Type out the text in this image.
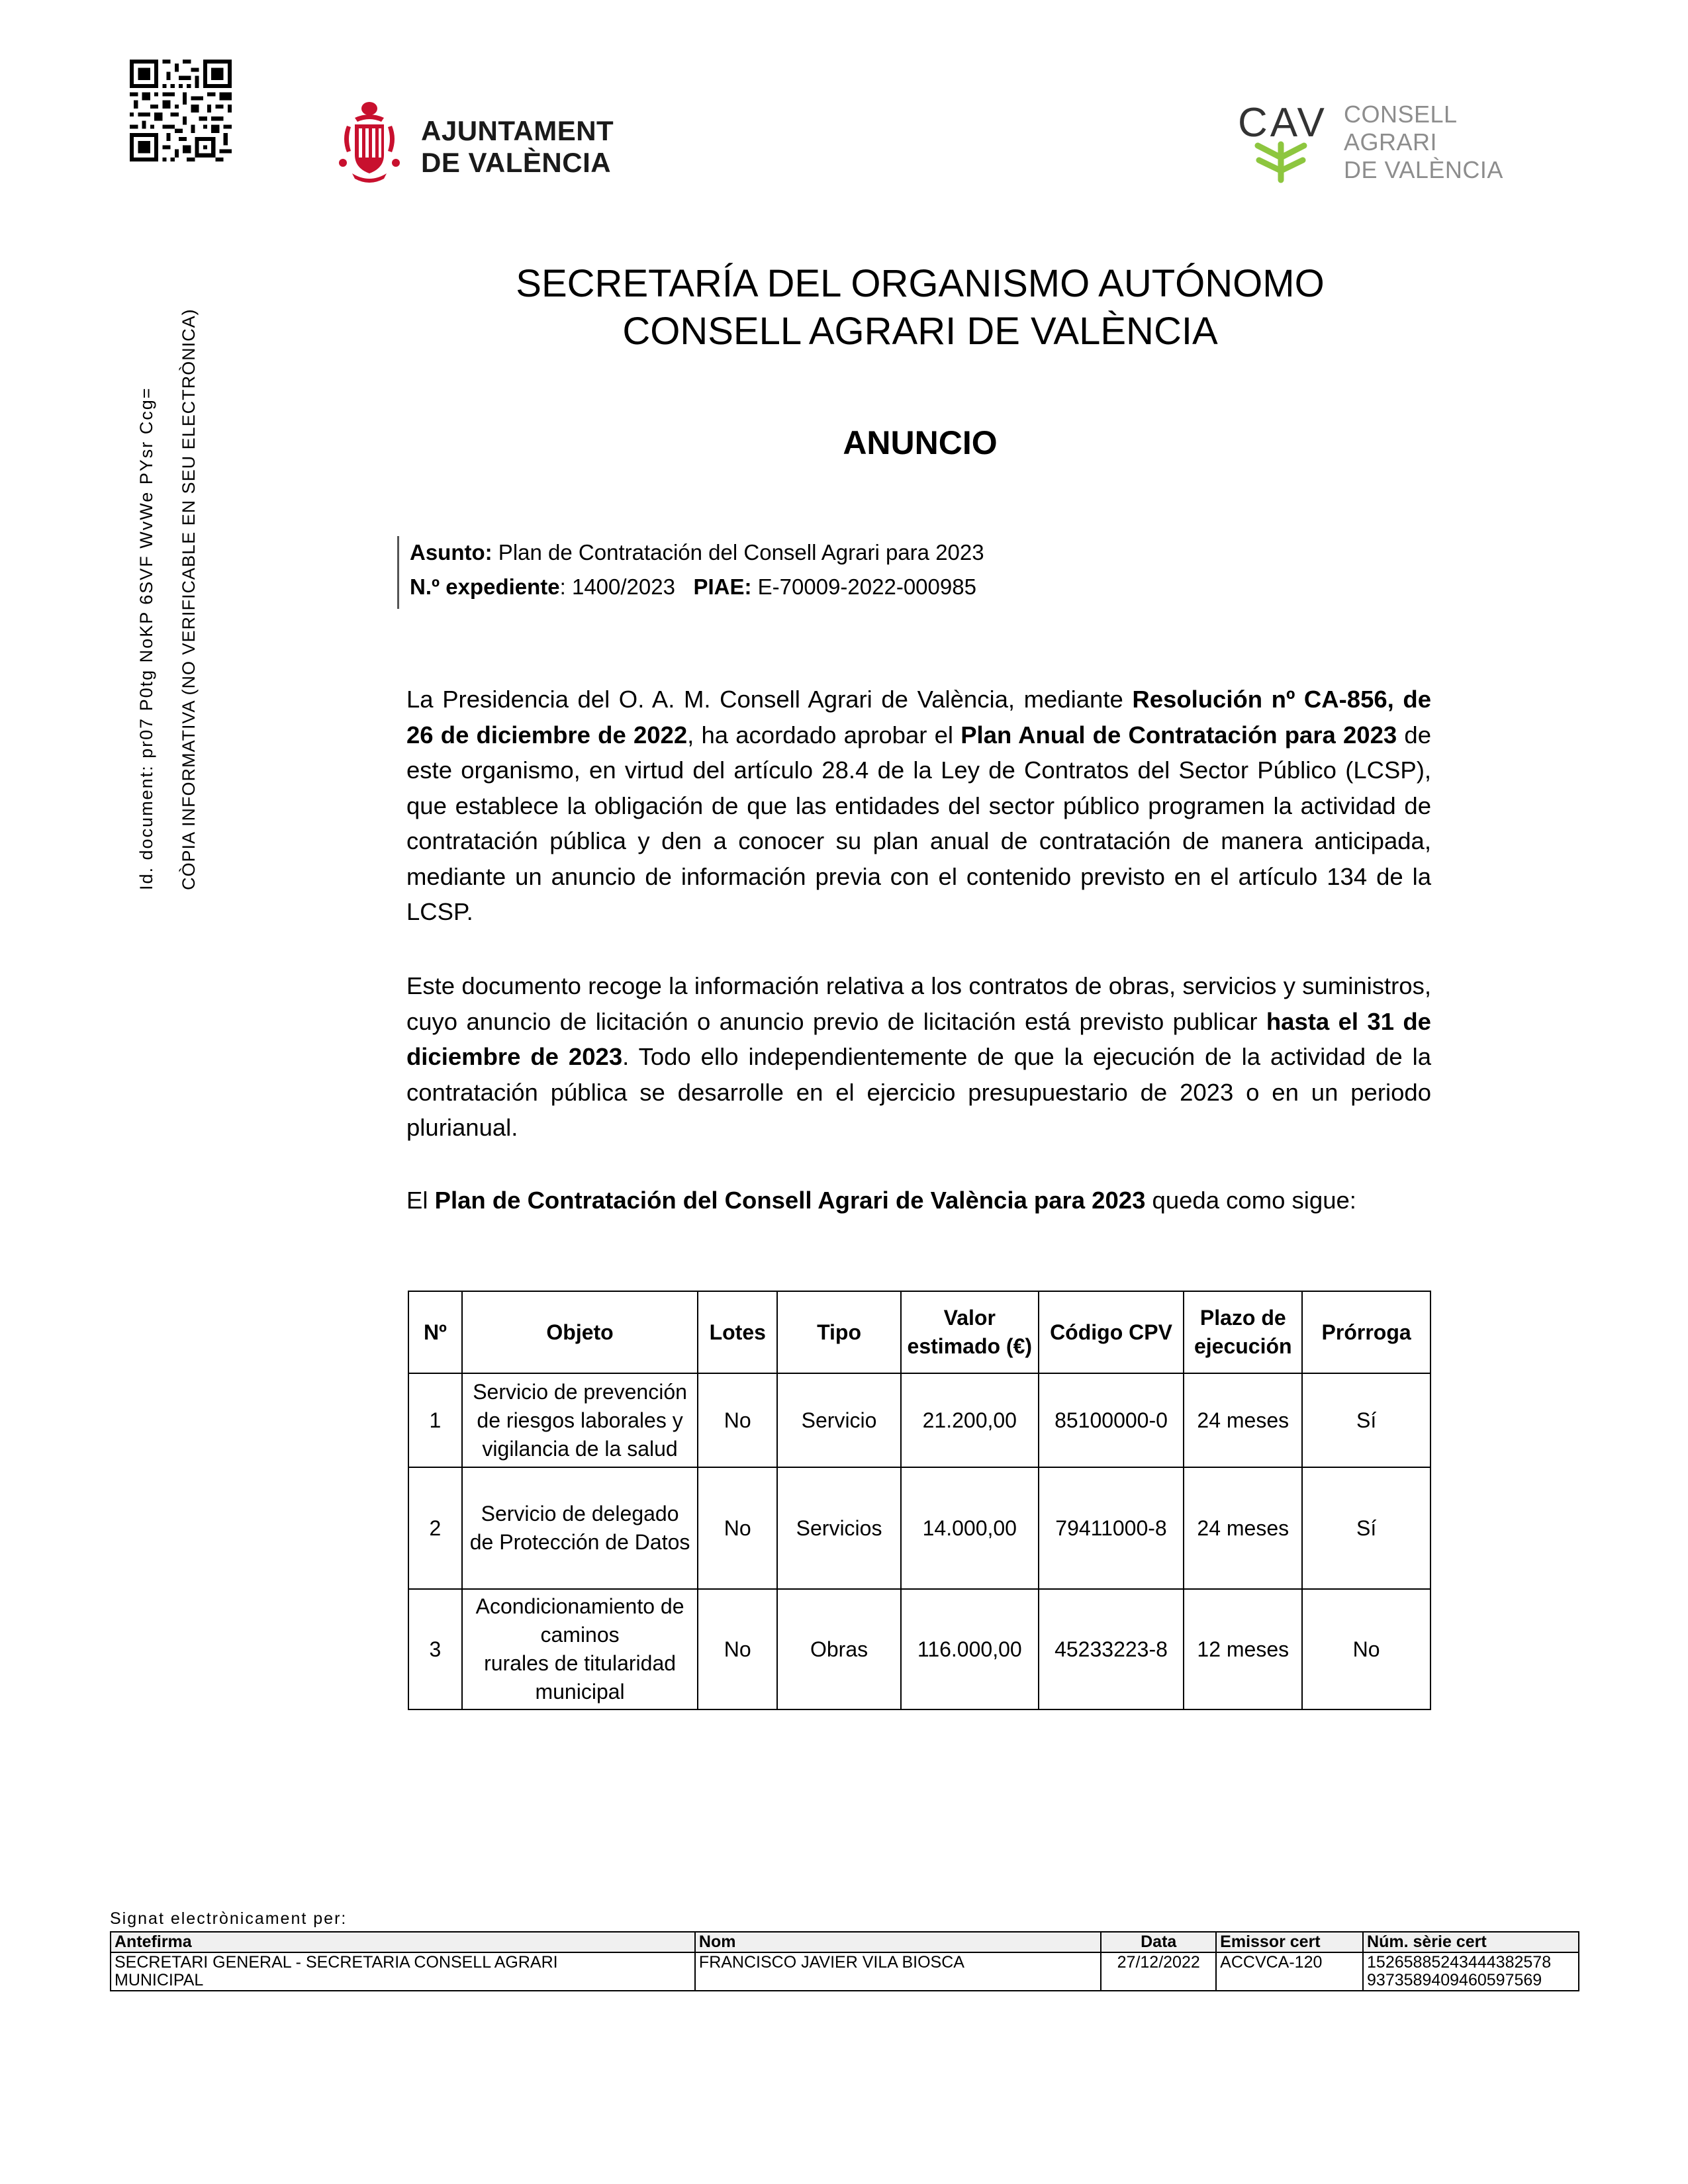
AJUNTAMENT
DE VALÈNCIA
CAV CONSELL
AGRARI
DE VALÈNCIA
Id. document: pr07 P0tg NoKP 6SVF WvWe PYsr Ccg= CÒPIA INFORMATIVA (NO VERIFICABLE EN SEU ELECTRÒNICA)
SECRETARÍA DEL ORGANISMO AUTÓNOMO
CONSELL AGRARI DE VALÈNCIA
ANUNCIO
Asunto: Plan de Contratación del Consell Agrari para 2023
N.º expediente: 1400/2023 PIAE: E-70009-2022-000985

La Presidencia del O. A. M. Consell Agrari de València, mediante Resolución nº CA-856, de 26 de diciembre de 2022, ha acordado aprobar el Plan Anual de Contratación para 2023 de este organismo, en virtud del artículo 28.4 de la Ley de Contratos del Sector Público (LCSP), que establece la obligación de que las entidades del sector público programen la actividad de contratación pública y den a conocer su plan anual de contratación de manera anticipada, mediante un anuncio de información previa con el contenido previsto en el artículo 134 de la LCSP.

Este documento recoge la información relativa a los contratos de obras, servicios y suministros, cuyo anuncio de licitación o anuncio previo de licitación está previsto publicar hasta el 31 de diciembre de 2023. Todo ello independientemente de que la ejecución de la actividad de la contratación pública se desarrolle en el ejercicio presupuestario de 2023 o en un periodo plurianual.

El Plan de Contratación del Consell Agrari de València para 2023 queda como sigue:

Nº	Objeto	Lotes	Tipo	Valor
estimado (€)	Código CPV	Plazo de
ejecución	Prórroga
1	Servicio de prevención
de riesgos laborales y
vigilancia de la salud	No	Servicio	21.200,00	85100000-0	24 meses	Sí
2	Servicio de delegado
de Protección de Datos	No	Servicios	14.000,00	79411000-8	24 meses	Sí
3	Acondicionamiento de
caminos
rurales de titularidad
municipal	No	Obras	116.000,00	45233223-8	12 meses	No
Signat electrònicament per:
Antefirma	Nom	Data	Emissor cert	Núm. sèrie cert
SECRETARI GENERAL - SECRETARIA CONSELL AGRARI
MUNICIPAL	FRANCISCO JAVIER VILA BIOSCA	27/12/2022	ACCVCA-120	15265885243444382578
9373589409460597569
